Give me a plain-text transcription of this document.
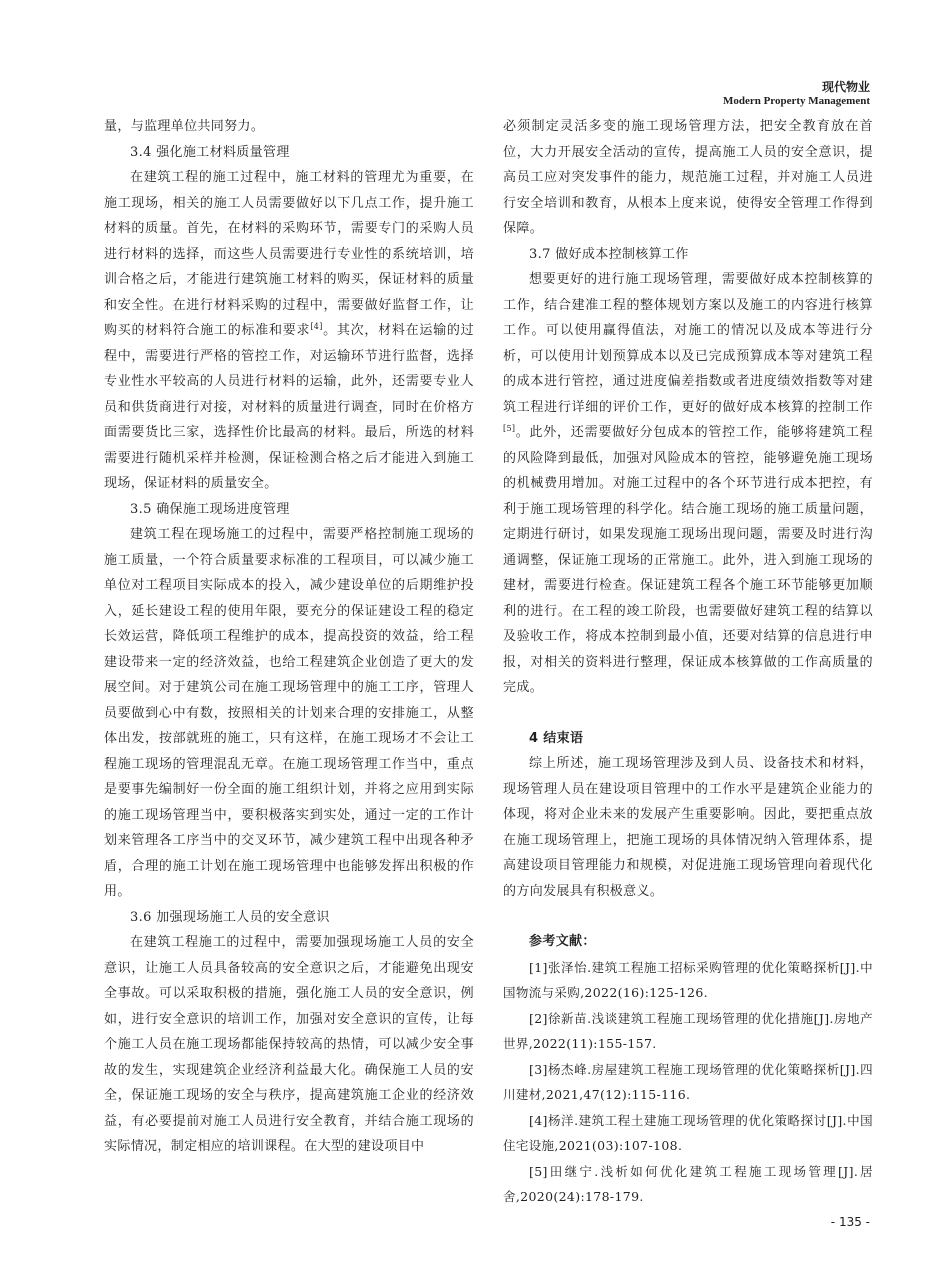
现代物业
Modern Property Management

量，与监理单位共同努力。

3.4 强化施工材料质量管理

在建筑工程的施工过程中，施工材料的管理尤为重要，在施工现场，相关的施工人员需要做好以下几点工作，提升施工材料的质量。首先，在材料的采购环节，需要专门的采购人员进行材料的选择，而这些人员需要进行专业性的系统培训，培训合格之后，才能进行建筑施工材料的购买，保证材料的质量和安全性。在进行材料采购的过程中，需要做好监督工作，让购买的材料符合施工的标准和要求[4]。其次，材料在运输的过程中，需要进行严格的管控工作，对运输环节进行监督，选择专业性水平较高的人员进行材料的运输，此外，还需要专业人员和供货商进行对接，对材料的质量进行调查，同时在价格方面需要货比三家，选择性价比最高的材料。最后，所选的材料需要进行随机采样并检测，保证检测合格之后才能进入到施工现场，保证材料的质量安全。

3.5 确保施工现场进度管理

建筑工程在现场施工的过程中，需要严格控制施工现场的施工质量，一个符合质量要求标准的工程项目，可以减少施工单位对工程项目实际成本的投入，减少建设单位的后期维护投入，延长建设工程的使用年限，要充分的保证建设工程的稳定长效运营，降低项工程维护的成本，提高投资的效益，给工程建设带来一定的经济效益，也给工程建筑企业创造了更大的发展空间。对于建筑公司在施工现场管理中的施工工序，管理人员要做到心中有数，按照相关的计划来合理的安排施工，从整体出发，按部就班的施工，只有这样，在施工现场才不会让工程施工现场的管理混乱无章。在施工现场管理工作当中，重点是要事先编制好一份全面的施工组织计划，并将之应用到实际的施工现场管理当中，要积极落实到实处，通过一定的工作计划来管理各工序当中的交叉环节，减少建筑工程中出现各种矛盾，合理的施工计划在施工现场管理中也能够发挥出积极的作用。

3.6 加强现场施工人员的安全意识

在建筑工程施工的过程中，需要加强现场施工人员的安全意识，让施工人员具备较高的安全意识之后，才能避免出现安全事故。可以采取积极的措施，强化施工人员的安全意识，例如，进行安全意识的培训工作，加强对安全意识的宣传，让每个施工人员在施工现场都能保持较高的热情，可以减少安全事故的发生，实现建筑企业经济利益最大化。确保施工人员的安全，保证施工现场的安全与秩序，提高建筑施工企业的经济效益，有必要提前对施工人员进行安全教育，并结合施工现场的实际情况，制定相应的培训课程。在大型的建设项目中

必须制定灵活多变的施工现场管理方法，把安全教育放在首位，大力开展安全活动的宣传，提高施工人员的安全意识，提高员工应对突发事件的能力，规范施工过程，并对施工人员进行安全培训和教育，从根本上度来说，使得安全管理工作得到保障。

3.7 做好成本控制核算工作

想要更好的进行施工现场管理，需要做好成本控制核算的工作，结合建准工程的整体规划方案以及施工的内容进行核算工作。可以使用赢得值法，对施工的情况以及成本等进行分析，可以使用计划预算成本以及已完成预算成本等对建筑工程的成本进行管控，通过进度偏差指数或者进度绩效指数等对建筑工程进行详细的评价工作，更好的做好成本核算的控制工作[5]。此外，还需要做好分包成本的管控工作，能够将建筑工程的风险降到最低，加强对风险成本的管控，能够避免施工现场的机械费用增加。对施工过程中的各个环节进行成本把控，有利于施工现场管理的科学化。结合施工现场的施工质量问题，定期进行研讨，如果发现施工现场出现问题，需要及时进行沟通调整，保证施工现场的正常施工。此外，进入到施工现场的建材，需要进行检查。保证建筑工程各个施工环节能够更加顺利的进行。在工程的竣工阶段，也需要做好建筑工程的结算以及验收工作，将成本控制到最小值，还要对结算的信息进行申报，对相关的资料进行整理，保证成本核算做的工作高质量的完成。

4 结束语

综上所述，施工现场管理涉及到人员、设备技术和材料，现场管理人员在建设项目管理中的工作水平是建筑企业能力的体现，将对企业未来的发展产生重要影响。因此，要把重点放在施工现场管理上，把施工现场的具体情况纳入管理体系，提高建设项目管理能力和规模，对促进施工现场管理向着现代化的方向发展具有积极意义。

参考文献：

[1]张泽怡.建筑工程施工招标采购管理的优化策略探析[J].中国物流与采购,2022(16):125-126.

[2]徐新苗.浅谈建筑工程施工现场管理的优化措施[J].房地产世界,2022(11):155-157.

[3]杨杰峰.房屋建筑工程施工现场管理的优化策略探析[J].四川建材,2021,47(12):115-116.

[4]杨洋.建筑工程土建施工现场管理的优化策略探讨[J].中国住宅设施,2021(03):107-108.

[5]田继宁.浅析如何优化建筑工程施工现场管理[J].居舍,2020(24):178-179.

- 135 -
